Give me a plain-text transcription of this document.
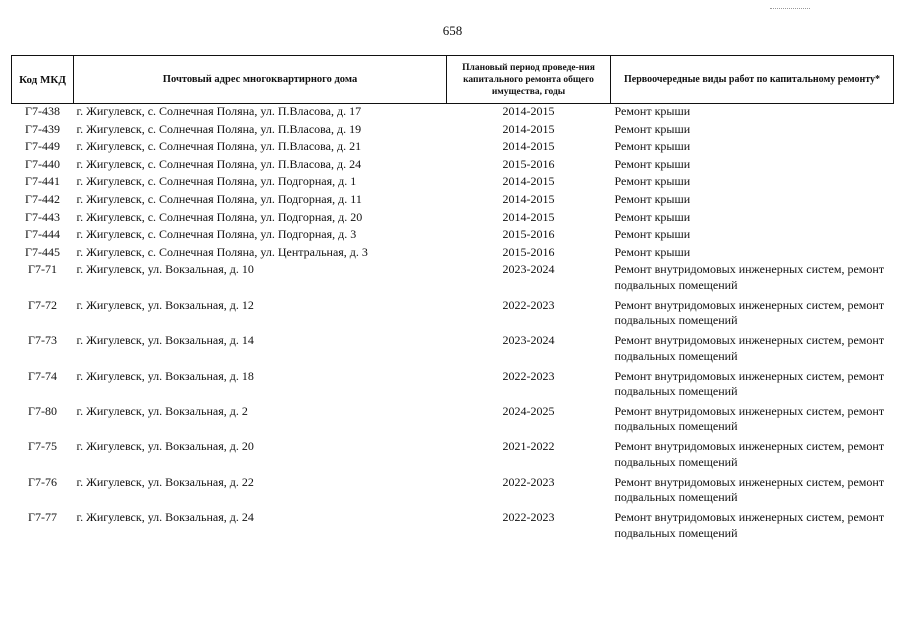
658
Код МКД	Почтовый адрес многоквартирного дома	Плановый период проведе-ния капитального ремонта общего имущества, годы	Первоочередные виды работ по капитальному ремонту*
Г7-438	г. Жигулевск, с. Солнечная Поляна, ул. П.Власова, д. 17	2014-2015	Ремонт крыши
Г7-439	г. Жигулевск, с. Солнечная Поляна, ул. П.Власова, д. 19	2014-2015	Ремонт крыши
Г7-449	г. Жигулевск, с. Солнечная Поляна, ул. П.Власова, д. 21	2014-2015	Ремонт крыши
Г7-440	г. Жигулевск, с. Солнечная Поляна, ул. П.Власова, д. 24	2015-2016	Ремонт крыши
Г7-441	г. Жигулевск, с. Солнечная Поляна, ул. Подгорная, д. 1	2014-2015	Ремонт крыши
Г7-442	г. Жигулевск, с. Солнечная Поляна, ул. Подгорная, д. 11	2014-2015	Ремонт крыши
Г7-443	г. Жигулевск, с. Солнечная Поляна, ул. Подгорная, д. 20	2014-2015	Ремонт крыши
Г7-444	г. Жигулевск, с. Солнечная Поляна, ул. Подгорная, д. 3	2015-2016	Ремонт крыши
Г7-445	г. Жигулевск, с. Солнечная Поляна, ул. Центральная, д. 3	2015-2016	Ремонт крыши
Г7-71	г. Жигулевск, ул. Вокзальная, д. 10	2023-2024	Ремонт внутридомовых инженерных систем, ремонт подвальных помещений
Г7-72	г. Жигулевск, ул. Вокзальная, д. 12	2022-2023	Ремонт внутридомовых инженерных систем, ремонт подвальных помещений
Г7-73	г. Жигулевск, ул. Вокзальная, д. 14	2023-2024	Ремонт внутридомовых инженерных систем, ремонт подвальных помещений
Г7-74	г. Жигулевск, ул. Вокзальная, д. 18	2022-2023	Ремонт внутридомовых инженерных систем, ремонт подвальных помещений
Г7-80	г. Жигулевск, ул. Вокзальная, д. 2	2024-2025	Ремонт внутридомовых инженерных систем, ремонт подвальных помещений
Г7-75	г. Жигулевск, ул. Вокзальная, д. 20	2021-2022	Ремонт внутридомовых инженерных систем, ремонт подвальных помещений
Г7-76	г. Жигулевск, ул. Вокзальная, д. 22	2022-2023	Ремонт внутридомовых инженерных систем, ремонт подвальных помещений
Г7-77	г. Жигулевск, ул. Вокзальная, д. 24	2022-2023	Ремонт внутридомовых инженерных систем, ремонт подвальных помещений
